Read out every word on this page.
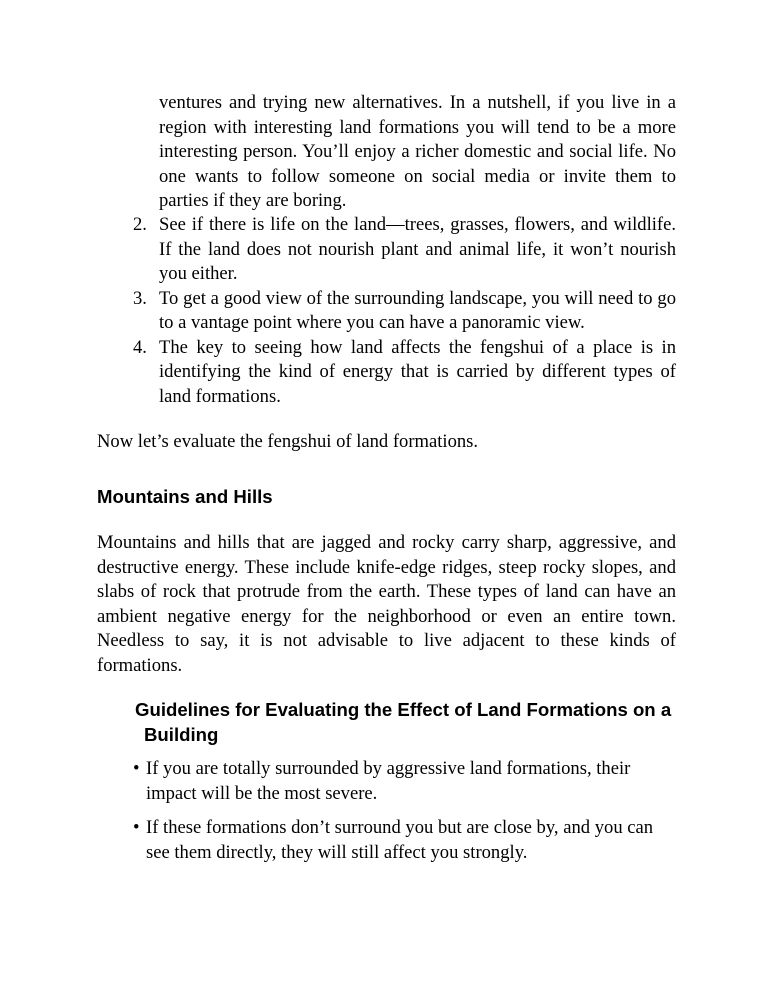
ventures and trying new alternatives. In a nutshell, if you live in a region with interesting land formations you will tend to be a more interesting person. You’ll enjoy a richer domestic and social life. No one wants to follow someone on social media or invite them to parties if they are boring.

2. See if there is life on the land—trees, grasses, flowers, and wildlife. If the land does not nourish plant and animal life, it won’t nourish you either.
3. To get a good view of the surrounding landscape, you will need to go to a vantage point where you can have a panoramic view.
4. The key to seeing how land affects the fengshui of a place is in identifying the kind of energy that is carried by different types of land formations.

Now let’s evaluate the fengshui of land formations.

Mountains and Hills

Mountains and hills that are jagged and rocky carry sharp, aggressive, and destructive energy. These include knife-edge ridges, steep rocky slopes, and slabs of rock that protrude from the earth. These types of land can have an ambient negative energy for the neighborhood or even an entire town. Needless to say, it is not advisable to live adjacent to these kinds of formations.

Guidelines for Evaluating the Effect of Land Formations on a Building
• If you are totally surrounded by aggressive land formations, their impact will be the most severe.
• If these formations don’t surround you but are close by, and you can see them directly, they will still affect you strongly.
